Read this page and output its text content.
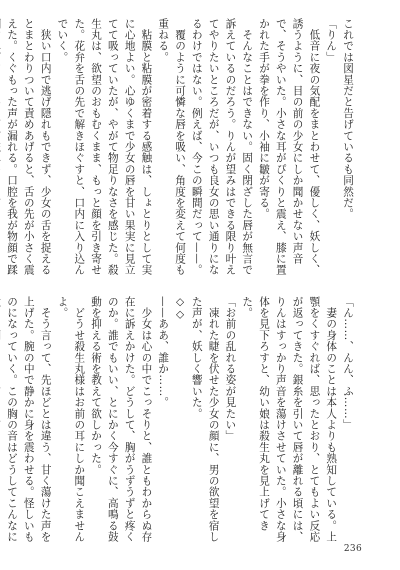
これでは図星だと告げているも同然だ。
「りん」
　低音に夜の気配をまとわせて、優しく、妖しく、誘うように、目の前の少女にしか聞かせない声音で、そうやいた。小さな耳がぴくりと震え、膝に置かれた手が拳を作り、小袖に皺が寄る。
　そんなことはできない。固く閉ざした唇が無言で訴えているのだろう。りんが望みはできる限り叶えてやりたいところだが、いつも良女の思い通りになるわけではない。例えば、今この瞬間だって——。
　覆のように可憐な唇を吸い、角度を変えて何度も重ねる。
　粘膜と粘膜が密着する感触は、しょとりとして実に心地よい。心ゆくまで少女の唇を甘い果実に見立てて吸っていたが、やがて物足りなさを感じた。殺生丸は、欲望のおもむくまま、もっと顔を引き寄せた。花弁を舌の先で解きほぐすと、口内に入り込んでいく。
　狭い口内で逃げ隠れもできず、少女の舌を捉えるとまとわりついて責めあげると、舌の先が小さく震えた。くぐもった声が漏れる。口腔を我が物顔で蹂
「ん……、んん、ふ……」
　妻の身体のことは本人よりも熟知している。上顎をくすぐれば、思ったとおり、とてもよい反応が返ってきた。銀糸を引いて唇が離れる頃には、りんはすっかり声音を蕩けさせていた。小さな身体を見下ろすと、幼い娘は殺生丸を見上げてきた。
「お前の乱れる姿が見たい」
　凍れた睫を伏せた少女の顔に、男の欲望を宿した声が、妖しく響いた。
◇◇
——ああ、誰か……。
　少女は心の中でこっそりと、誰ともわからぬ存在に訴えかけた。どうして、胸がうずうずと疼くのか。誰でもいい、とにかく今すぐに、高鳴る鼓動を抑える術を教えて欲しかった。
　どうせ殺生丸様はお前の耳にしか聞こえませんよ。
　そう言って、先ほどとは違う、甘く蕩けた声を上げた。腕の中で静かに身を震わせる。怪しいものになっていく。この胸の音はどうしてこんなに
236
